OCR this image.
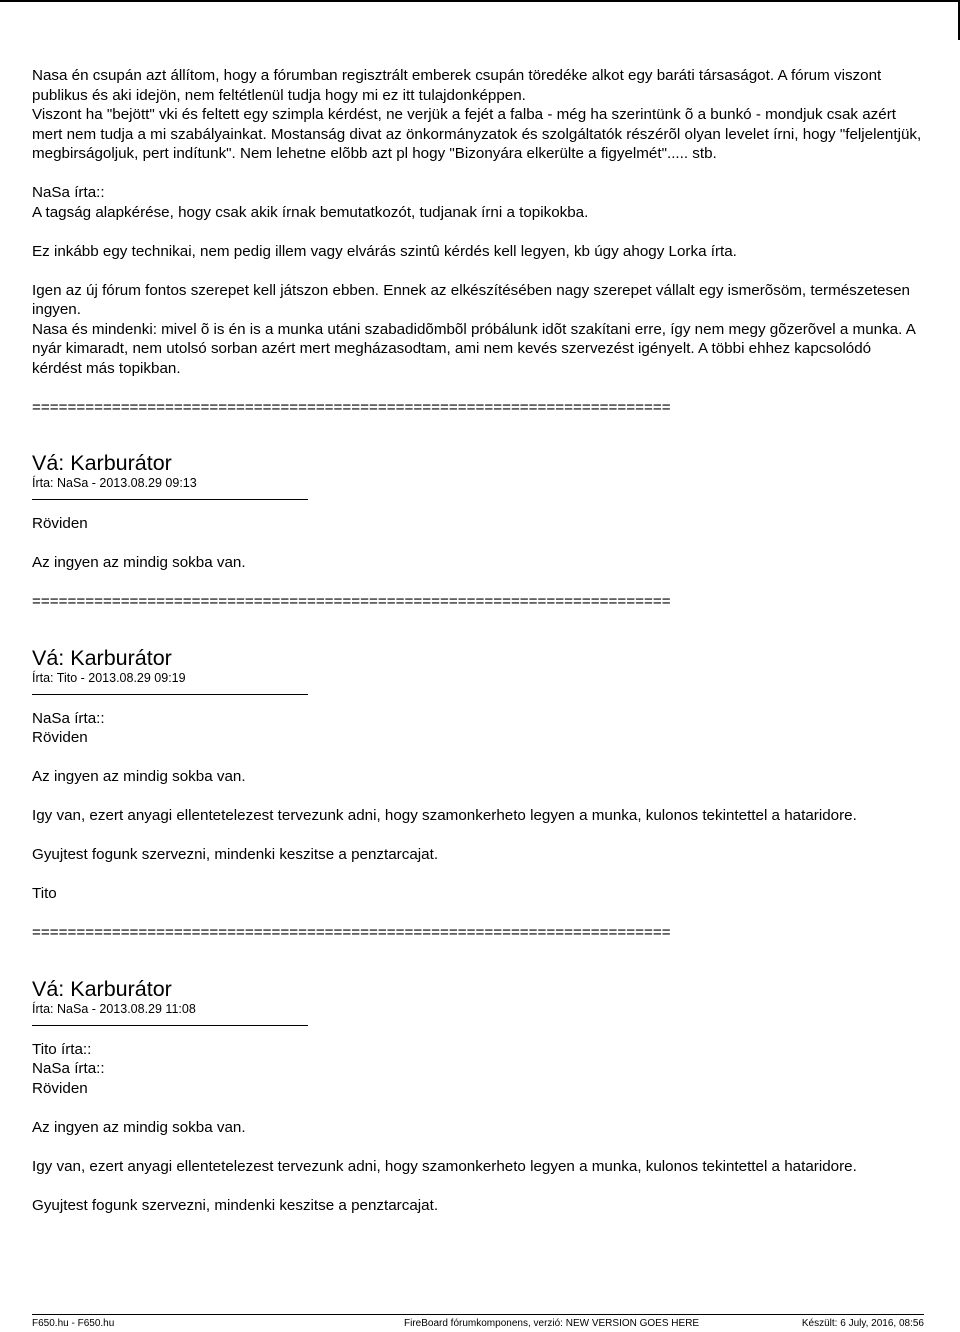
Nasa én csupán azt állítom, hogy a fórumban regisztrált emberek csupán töredéke alkot egy baráti társaságot. A fórum viszont publikus és aki idejön, nem feltétlenül tudja hogy mi ez itt tulajdonképpen.

Viszont ha "bejött" vki és feltett egy szimpla kérdést, ne verjük a fejét a falba - még ha szerintünk õ a bunkó - mondjuk csak azért mert nem tudja a mi szabályainkat. Mostanság divat az önkormányzatok és szolgáltatók részérõl olyan levelet írni, hogy "feljelentjük, megbirságoljuk, pert indítunk". Nem lehetne elõbb azt pl hogy "Bizonyára elkerülte a figyelmét"..... stb.

NaSa írta::

A tagság alapkérése, hogy csak akik írnak bemutatkozót, tudjanak írni a topikokba.

Ez inkább egy technikai, nem pedig illem vagy elvárás szintû kérdés kell legyen, kb úgy ahogy Lorka írta.

Igen az új fórum fontos szerepet kell játszon ebben. Ennek az elkészítésében nagy szerepet vállalt egy ismerõsöm, természetesen ingyen.

Nasa és mindenki: mivel õ is én is a munka utáni szabadidõmbõl próbálunk idõt szakítani erre, így nem megy gõzerõvel a munka. A nyár kimaradt, nem utolsó sorban azért mert megházasodtam, ami nem kevés szervezést igényelt. A többi ehhez kapcsolódó kérdést más topikban.

========================================================================

Vá: Karburátor

Írta: NaSa - 2013.08.29 09:13

Röviden

Az ingyen az mindig sokba van.

========================================================================

Vá: Karburátor

Írta: Tito - 2013.08.29 09:19

NaSa írta::

Röviden

Az ingyen az mindig sokba van.

Igy van, ezert anyagi ellentetelezest tervezunk adni, hogy szamonkerheto legyen a munka, kulonos tekintettel a hataridore.

Gyujtest fogunk szervezni, mindenki keszitse a penztarcajat.

Tito

========================================================================

Vá: Karburátor

Írta: NaSa - 2013.08.29 11:08

Tito írta::

NaSa írta::

Röviden

Az ingyen az mindig sokba van.

Igy van, ezert anyagi ellentetelezest tervezunk adni, hogy szamonkerheto legyen a munka, kulonos tekintettel a hataridore.

Gyujtest fogunk szervezni, mindenki keszitse a penztarcajat.

F650.hu - F650.hu	FireBoard fórumkomponens, verzió: NEW VERSION GOES HERE	Készült: 6 July, 2016, 08:56
